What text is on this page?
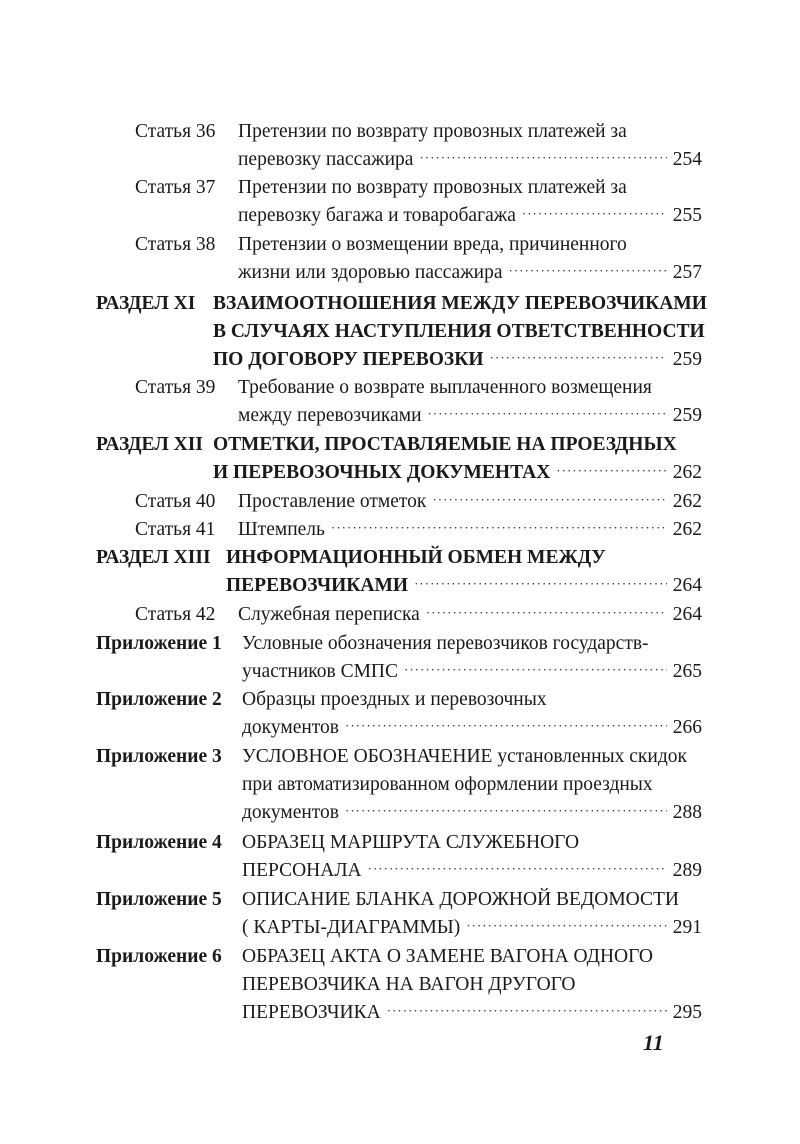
Статья 36 Претензии по возврату провозных платежей за
перевозку пассажира ·····	254
Статья 37 Претензии по возврату провозных платежей за
перевозку багажа и товаробагажа ·····	255
Статья 38 Претензии о возмещении вреда, причиненного
жизни или здоровью пассажира ·····	257
РАЗДЕЛ XI ВЗАИМООТНОШЕНИЯ МЕЖДУ ПЕРЕВОЗЧИКАМИ
В СЛУЧАЯХ НАСТУПЛЕНИЯ ОТВЕТСТВЕННОСТИ
ПО ДОГОВОРУ ПЕРЕВОЗКИ ·····	259
Статья 39 Требование о возврате выплаченного возмещения
между перевозчиками ·····	259
РАЗДЕЛ XII ОТМЕТКИ, ПРОСТАВЛЯЕМЫЕ НА ПРОЕЗДНЫХ
И ПЕРЕВОЗОЧНЫХ ДОКУМЕНТАХ ·····	262
Статья 40	Проставление отметок ·····	262
Статья 41	Штемпель ·····	262
РАЗДЕЛ XIII ИНФОРМАЦИОННЫЙ ОБМЕН МЕЖДУ
ПЕРЕВОЗЧИКАМИ ·····	264
Статья 42	Служебная переписка ·····	264
Приложение 1 Условные обозначения перевозчиков государств-
участников СМПС ·····	265
Приложение 2 Образцы проездных и перевозочных
документов ·····	266
Приложение 3 УСЛОВНОЕ ОБОЗНАЧЕНИЕ установленных скидок
при автоматизированном оформлении проездных
документов ·····	288
Приложение 4 ОБРАЗЕЦ МАРШРУТА СЛУЖЕБНОГО
ПЕРСОНАЛА ·····	289
Приложение 5 ОПИСАНИЕ БЛАНКА ДОРОЖНОЙ ВЕДОМОСТИ
( КАРТЫ-ДИАГРАММЫ) ·····	291
Приложение 6 ОБРАЗЕЦ АКТА О ЗАМЕНЕ ВАГОНА ОДНОГО
ПЕРЕВОЗЧИКА НА ВАГОН ДРУГОГО
ПЕРЕВОЗЧИКА ·····	295
11
